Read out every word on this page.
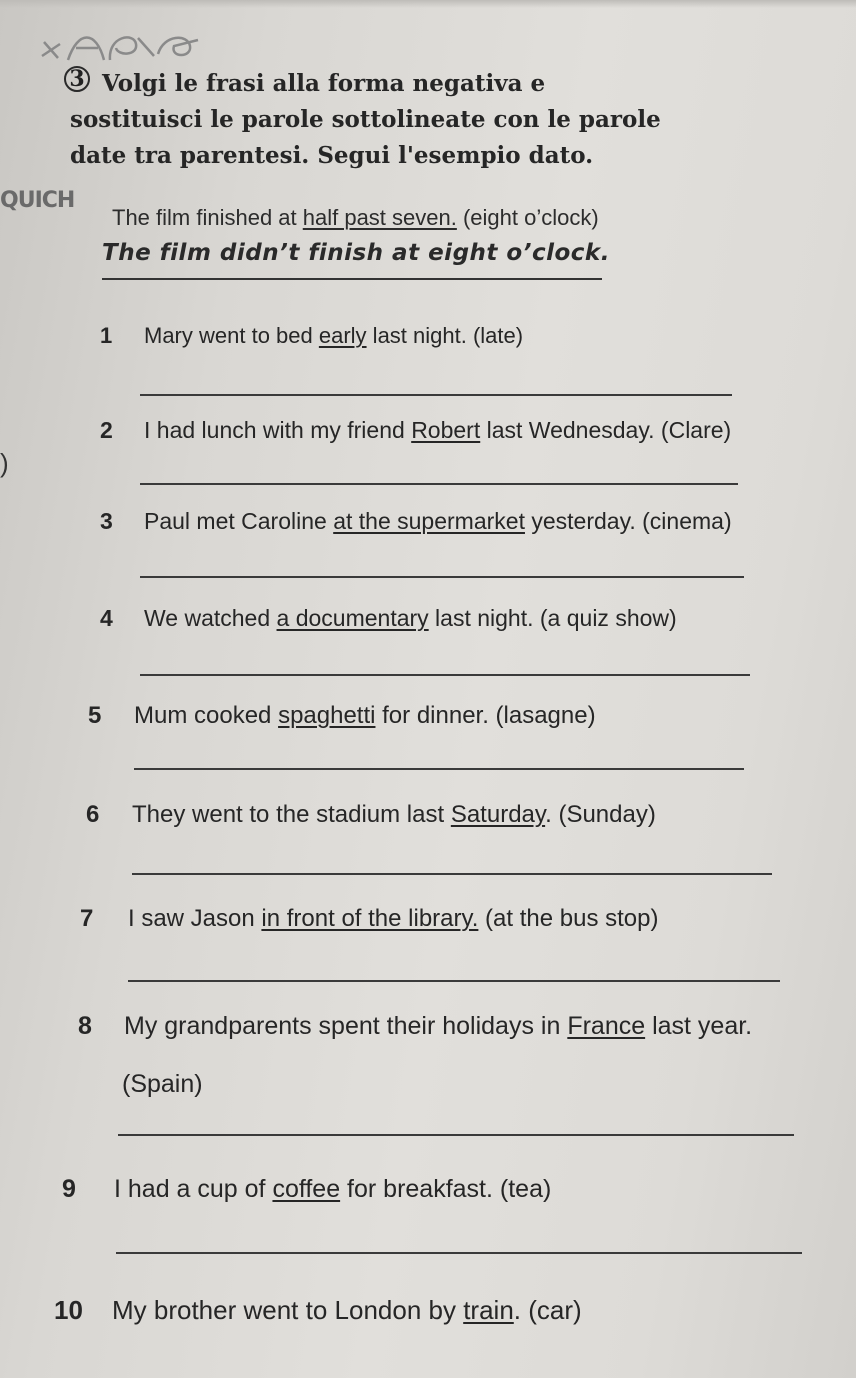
3 Volgi le frasi alla forma negativa e sostituisci le parole sottolineate con le parole date tra parentesi. Segui l'esempio dato.

QUICH
The film finished at half past seven. (eight o’clock)
The film didn’t finish at eight o’clock.
)
1 Mary went to bed early last night. (late)
2 I had lunch with my friend Robert last Wednesday. (Clare)
3 Paul met Caroline at the supermarket yesterday. (cinema)
4 We watched a documentary last night. (a quiz show)
5 Mum cooked spaghetti for dinner. (lasagne)
6 They went to the stadium last Saturday. (Sunday)
7 I saw Jason in front of the library. (at the bus stop)
8 My grandparents spent their holidays in France last year.
(Spain)
9 I had a cup of coffee for breakfast. (tea)
10 My brother went to London by train. (car)
